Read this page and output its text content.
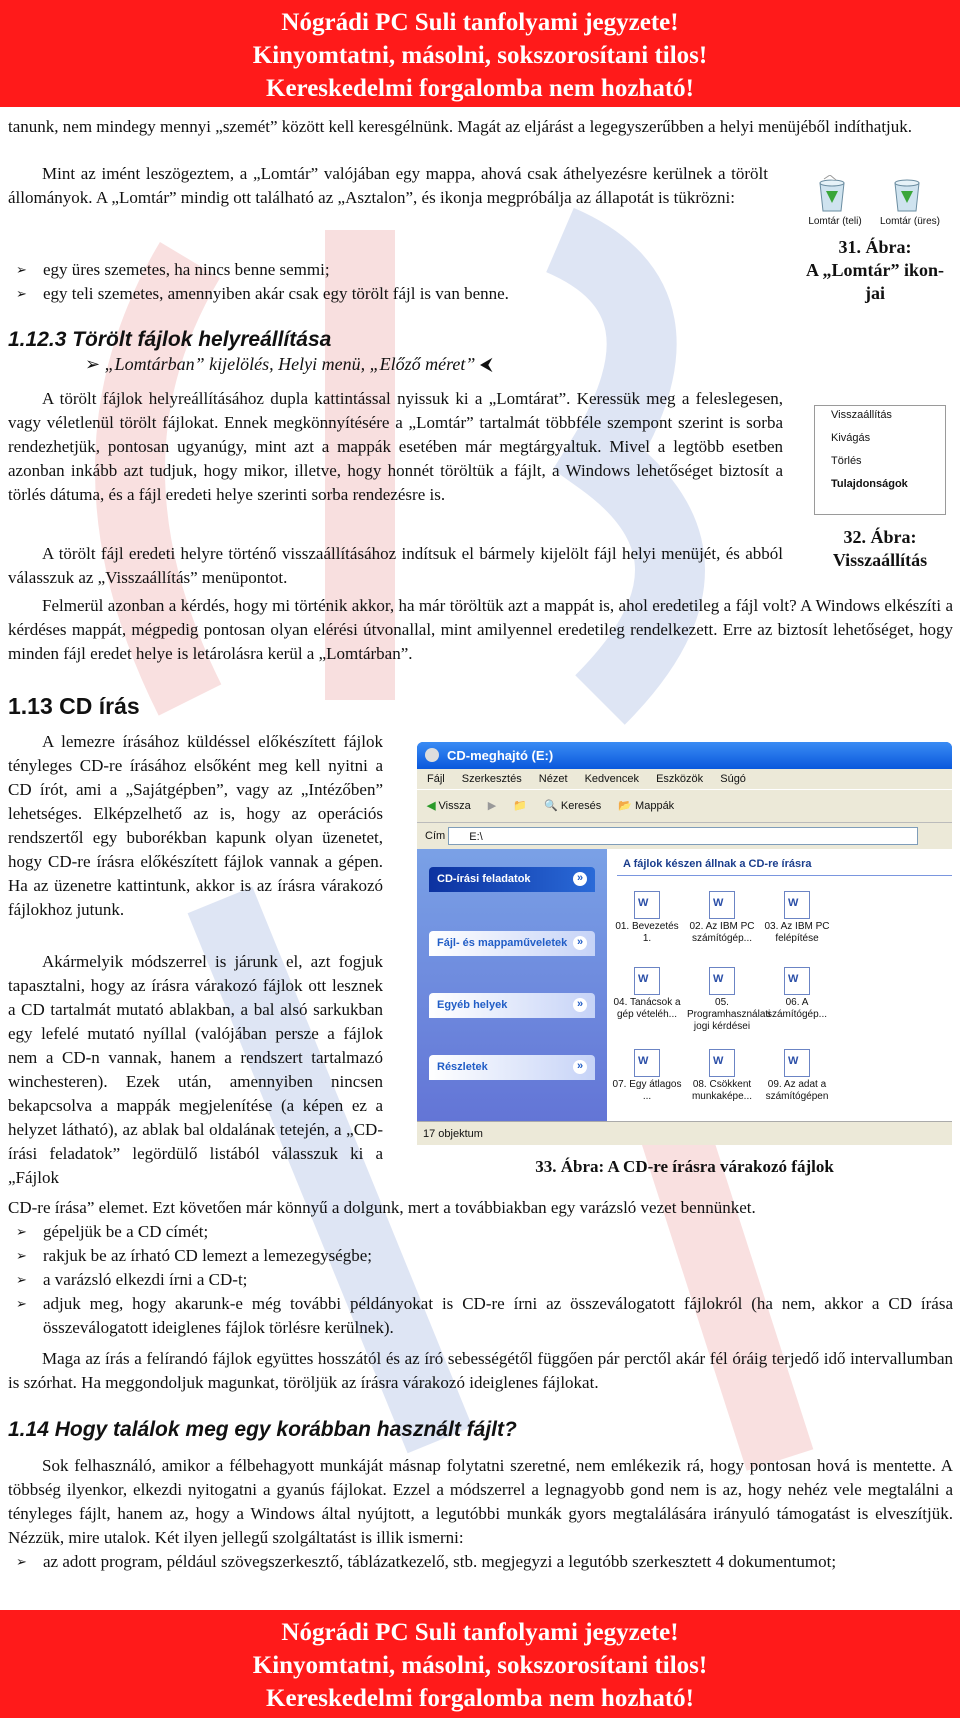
Nógrádi PC Suli tanfolyami jegyzete!
Kinyomtatni, másolni, sokszorosítani tilos!
Kereskedelmi forgalomba nem hozható!
tanunk, nem mindegy mennyi „szemét” között kell keresgélnünk. Magát az eljárást a legegyszerűbben a helyi menüjéből indíthatjuk.
Mint az imént leszögeztem, a „Lomtár” valójában egy mappa, ahová csak áthelyezésre kerülnek a törölt állományok. A „Lomtár” mindig ott található az „Asztalon”, és ikonja megpróbálja az állapotát is tükrözni:
➢ egy üres szemetes, ha nincs benne semmi;
➢ egy teli szemetes, amennyiben akár csak egy törölt fájl is van benne.
Lomtár (teli)	Lomtár (üres)
31. Ábra:
A „Lomtár” ikon-
jai
1.12.3 Törölt fájlok helyreállítása
➢ „Lomtárban” kijelölés, Helyi menü, „Előző méret” ⮜
A törölt fájlok helyreállításához dupla kattintással nyissuk ki a „Lomtárat”. Keressük meg a feleslegesen, vagy véletlenül törölt fájlokat. Ennek megkönnyítésére a „Lomtár” tartalmát többféle szempont szerint is sorba rendezhetjük, pontosan ugyanúgy, mint azt a mappák esetében már megtárgyaltuk. Mivel a legtöbb esetben azonban inkább azt tudjuk, hogy mikor, illetve, hogy honnét töröltük a fájlt, a Windows lehetőséget biztosít a törlés dátuma, és a fájl eredeti helye szerinti sorba rendezésre is.
A törölt fájl eredeti helyre történő visszaállításához indítsuk el bármely kijelölt fájl helyi menüjét, és abból válasszuk az „Visszaállítás” menüpontot.
Visszaállítás
Kivágás
Törlés
Tulajdonságok
32. Ábra:
Visszaállítás
Felmerül azonban a kérdés, hogy mi történik akkor, ha már töröltük azt a mappát is, ahol eredetileg a fájl volt? A Windows elkészíti a kérdéses mappát, mégpedig pontosan olyan elérési útvonallal, mint amilyennel eredetileg rendelkezett. Erre az biztosít lehetőséget, hogy minden fájl eredet helye is letárolásra kerül a „Lomtárban”.
1.13 CD írás
A lemezre írásához küldéssel előkészített fájlok tényleges CD-re írásához elsőként meg kell nyitni a CD írót, ami a „Sajátgépben”, vagy az „Intézőben” lehetséges. Elképzelhető az is, hogy az operációs rendszertől egy buborékban kapunk olyan üzenetet, hogy CD-re írásra előkészített fájlok vannak a gépen. Ha az üzenetre kattintunk, akkor is az írásra várakozó fájlokhoz jutunk.
Akármelyik módszerrel is járunk el, azt fogjuk tapasztalni, hogy az írásra várakozó fájlok ott lesznek a CD tartalmát mutató ablakban, a bal alsó sarkukban egy lefelé mutató nyíllal (valójában persze a fájlok nem a CD-n vannak, hanem a rendszert tartalmazó winchesteren). Ezek után, amennyiben nincsen bekapcsolva a mappák megjelenítése (a képen ez a helyzet látható), az ablak bal oldalának tetején, a „CD-írási feladatok” legördülő listából válasszuk ki a „Fájlok
CD-re írása” elemet. Ezt követően már könnyű a dolgunk, mert a továbbiakban egy varázsló vezet bennünket.
CD-meghajtó (E:)
Fájl Szerkesztés Nézet Kedvencek Eszközök Súgó
◀ Vissza ▶ 📁 🔍 Keresés 📂 Mappák
Cím E:\
CD-írási feladatok »
Fájl- és mappaműveletek »
Egyéb helyek »
Részletek »
A fájlok készen állnak a CD-re írásra
W
01. Bevezetés 1.
W
02. Az IBM PC számítógép...
W
03. Az IBM PC felépítése
W
04. Tanácsok a gép vételéh...
W
05. Programhasználati jogi kérdései
W
06. A számítógép...
W
07. Egy átlagos ...
W
08. Csökkent munkaképe...
W
09. Az adat a számítógépen
17 objektum
33. Ábra: A CD-re írásra várakozó fájlok
➢ gépeljük be a CD címét;
➢ rakjuk be az írható CD lemezt a lemezegységbe;
➢ a varázsló elkezdi írni a CD-t;
➢ adjuk meg, hogy akarunk-e még további példányokat is CD-re írni az összeválogatott fájlokról (ha nem, akkor a CD írása összeválogatott ideiglenes fájlok törlésre kerülnek).
Maga az írás a felírandó fájlok együttes hosszától és az író sebességétől függően pár perctől akár fél óráig terjedő idő intervallumban is szórhat. Ha meggondoljuk magunkat, töröljük az írásra várakozó ideiglenes fájlokat.
1.14 Hogy találok meg egy korábban használt fájlt?
Sok felhasználó, amikor a félbehagyott munkáját másnap folytatni szeretné, nem emlékezik rá, hogy pontosan hová is mentette. A többség ilyenkor, elkezdi nyitogatni a gyanús fájlokat. Ezzel a módszerrel a legnagyobb gond nem is az, hogy nehéz vele megtalálni a tényleges fájlt, hanem az, hogy a Windows által nyújtott, a legutóbbi munkák gyors megtalálására irányuló támogatást is elveszítjük. Nézzük, mire utalok. Két ilyen jellegű szolgáltatást is illik ismerni:
➢ az adott program, például szövegszerkesztő, táblázatkezelő, stb. megjegyzi a legutóbb szerkesztett 4 dokumentumot;
Nógrádi PC Suli tanfolyami jegyzete!
Kinyomtatni, másolni, sokszorosítani tilos!
Kereskedelmi forgalomba nem hozható!
